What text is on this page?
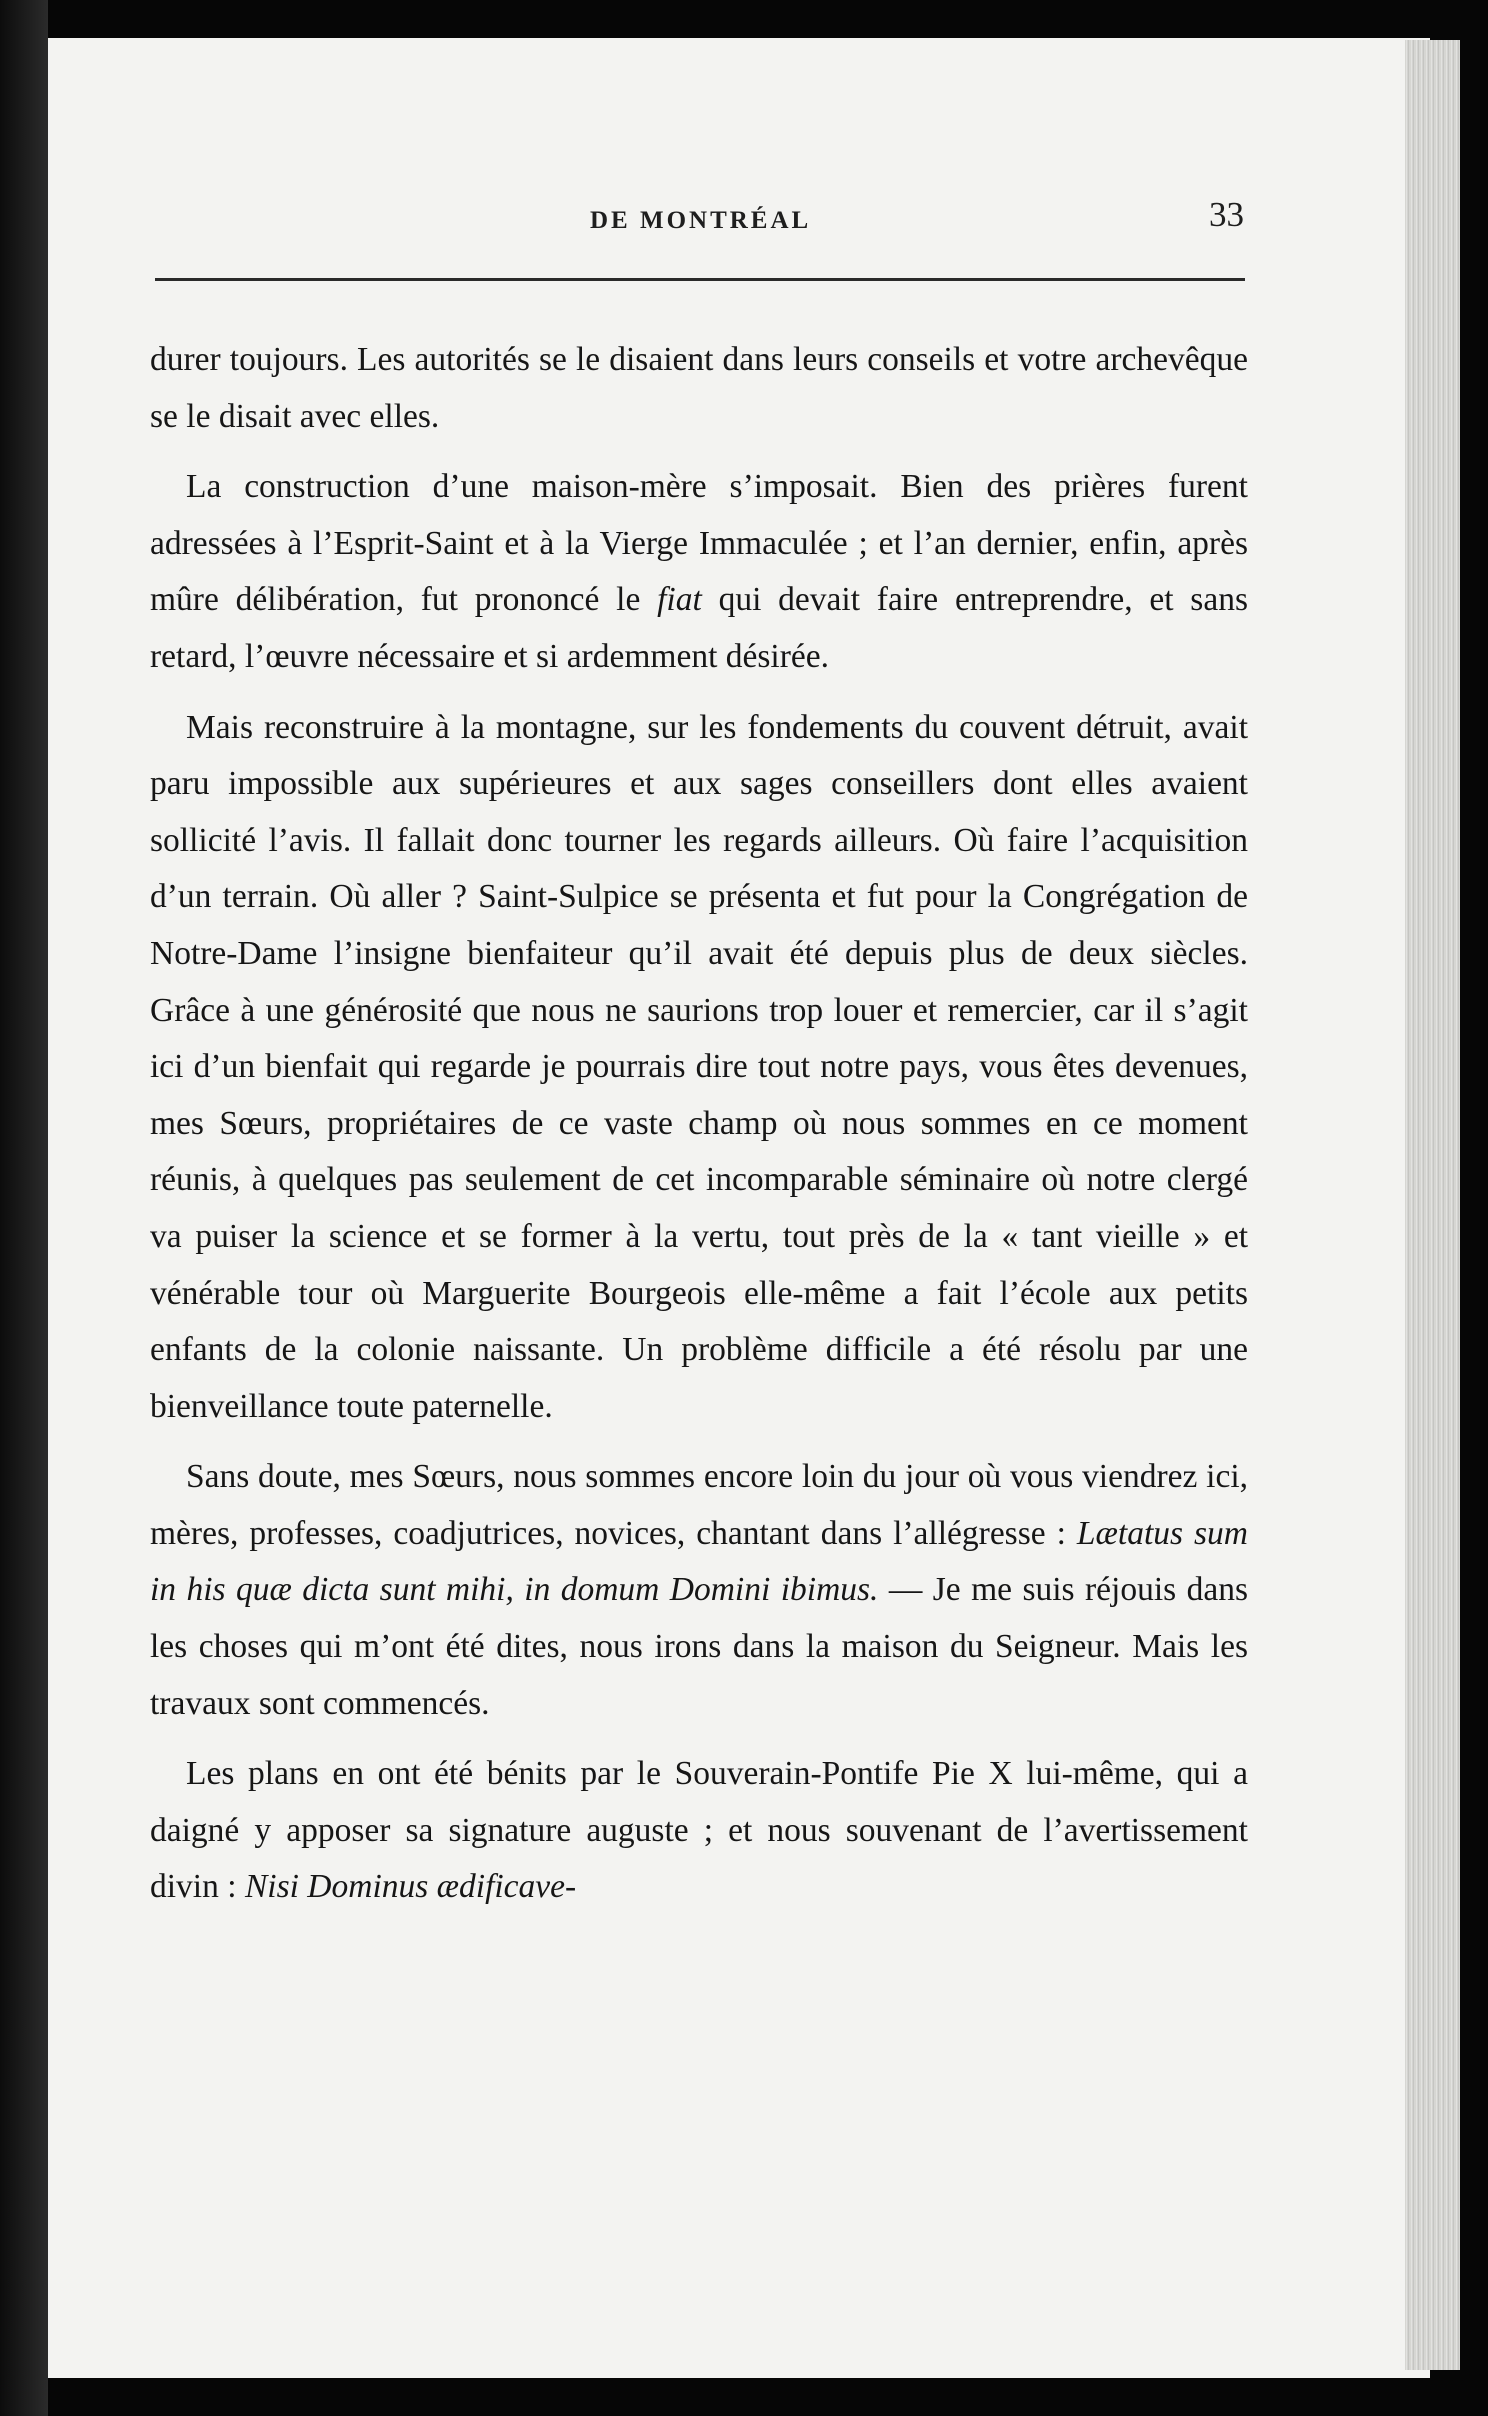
DE MONTRÉAL	33

durer toujours. Les autorités se le disaient dans leurs conseils et votre archevêque se le disait avec elles.

La construction d’une maison-mère s’imposait. Bien des prières furent adressées à l’Esprit-Saint et à la Vierge Immaculée ; et l’an dernier, enfin, après mûre délibération, fut prononcé le fiat qui devait faire entreprendre, et sans retard, l’œuvre nécessaire et si ardemment désirée.

Mais reconstruire à la montagne, sur les fondements du couvent détruit, avait paru impossible aux supérieures et aux sages conseillers dont elles avaient sollicité l’avis. Il fallait donc tourner les regards ailleurs. Où faire l’acquisition d’un terrain. Où aller ? Saint-Sulpice se présenta et fut pour la Congrégation de Notre-Dame l’insigne bienfaiteur qu’il avait été depuis plus de deux siècles. Grâce à une générosité que nous ne saurions trop louer et remercier, car il s’agit ici d’un bienfait qui regarde je pourrais dire tout notre pays, vous êtes devenues, mes Sœurs, propriétaires de ce vaste champ où nous sommes en ce moment réunis, à quelques pas seulement de cet incomparable séminaire où notre clergé va puiser la science et se former à la vertu, tout près de la « tant vieille » et vénérable tour où Marguerite Bourgeois elle-même a fait l’école aux petits enfants de la colonie naissante. Un problème difficile a été résolu par une bienveillance toute paternelle.

Sans doute, mes Sœurs, nous sommes encore loin du jour où vous viendrez ici, mères, professes, coadjutrices, novices, chantant dans l’allégresse : Lætatus sum in his quæ dicta sunt mihi, in domum Domini ibimus. — Je me suis réjouis dans les choses qui m’ont été dites, nous irons dans la maison du Seigneur. Mais les travaux sont commencés.

Les plans en ont été bénits par le Souverain-Pontife Pie X lui-même, qui a daigné y apposer sa signature auguste ; et nous souvenant de l’avertissement divin : Nisi Dominus ædificave-
